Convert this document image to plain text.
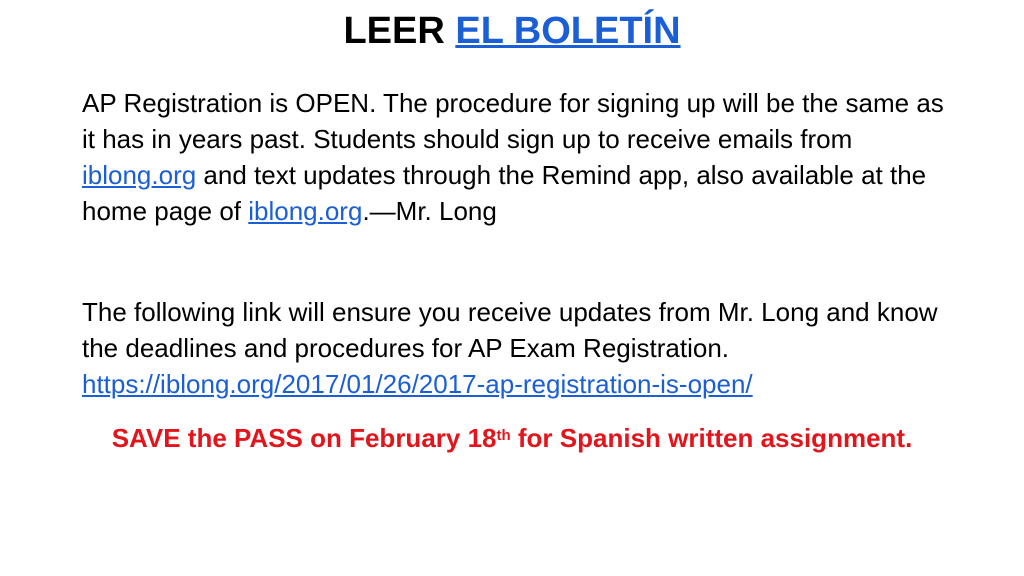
LEER EL BOLETÍN
AP Registration is OPEN. The procedure for signing up will be the same as it has in years past. Students should sign up to receive emails from iblong.org and text updates through the Remind app, also available at the home page of iblong.org.—Mr. Long
The following link will ensure you receive updates from Mr. Long and know the deadlines and procedures for AP Exam Registration. https://iblong.org/2017/01/26/2017-ap-registration-is-open/
SAVE the PASS on February 18th for Spanish written assignment.
